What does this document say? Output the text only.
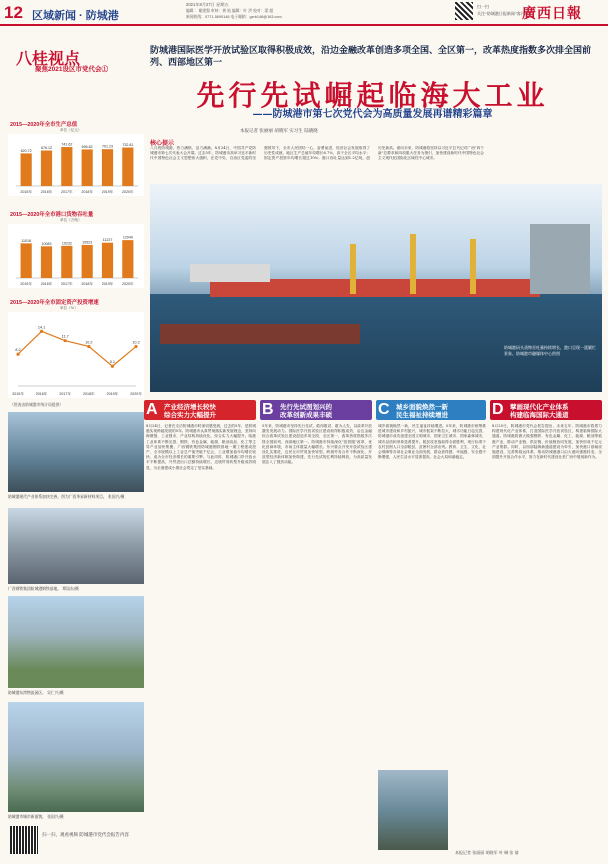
12 区域新闻 · 防城港
2021年8月27日 星期五
编辑 ：谢建强 审核：黄 灿 编辑：叶 洪 校对：梁 超
新闻热线：0771-5690148 电子邮箱：gxrb148@163.com
扫一扫
关注"防城港日报新闻"客户端
廣西日報
八桂视点
聚焦2021设区市党代会①
2015—2020年全市生产总值
单位（亿元）
620.72
2015年
676.12
2016年
741.62
2017年
696.82
2018年
701.23
2019年
732.81
2020年
2015—2020年全市港口货物吞吐量
单位（万吨）
11018
2015年
10083
2016年
10232
2017年
10523
2018年
11227
2019年
12049
2020年
2015—2020年全市固定资产投资增速
单位（%）
8.2
2015年
14.1
2016年
11.7
2017年
10.2
2018年
5.1
2019年
10.2
2020年
（图表由防城港市统计局提供）
防城港现代产业体系加快完善。图为广西华昇新材料项目。 张国兴/摄
广西钢铁集团防城港钢铁基地。 覃国东/摄
防城港东湾物流园区。 吴仁兴/摄
防城港市城市新面貌。 张国兴/摄
扫一扫，观看视频 防城港市党代会报告内容
防城港国际医学开放试验区取得积极成效，沿边金融改革创造多项全国、全区第一，改革热度指数多次排全国前列、西部地区第一
先行先试崛起临海大工业
——防城港市第七次党代会为高质量发展再谱精彩篇章
本报记者 张丽丽 胡晓军 实习生 陆晓晓
核心提示
八月的防城港，热力满格，活力满满。8月24日，中国共产党防城港市第七次代表大会开幕。过去5年，防城港市高举习近平新时代中国特色社会主义思想伟大旗帜，在党中央、自治区党委的坚强领导下，全市人民团结一心，奋勇前进，经济社会发展取得了历史性成就，地区生产总值年均增长6.7%，高于全区平均水平；固定资产投资年均增长超过10%；港口吞吐量达到1.2亿吨，创历史新高。面向未来，防城港将坚持以习近平总书记对广西"四个新"总要求和四项重大任务为指引，加快建设新时代中国特色社会主义现代化国际化区域性中心城市。
防城港码头货物吞吐量持续增长，港口呈现一派繁忙景象。防城港市融媒体中心供图
A 产业经济增长较快
综合实力大幅提升	B 先行先试图划兴的
改革创新成果丰硕	C 城乡面貌焕然一新
民生福祉持续增进	D 擘画现代化产业体系
构建临海国际大通道
8月24日，记者在走访防城港市时深切感受到，过去的5年，是防城港实现跨越发展的5年。防城港市认真贯彻落实新发展理念，坚持向海图强、工业强市，产业结构持续优化，综合实力大幅提升。临港工业体系不断完善，钢铁、有色金属、能源、粮油食品、化工等主导产业加快集聚，广西钢铁集团防城港钢铁基地一期工程建成投产，全市规模以上工业总产值突破千亿元，工业增加值年均增长较快，成为全市经济增长的重要引擎。与此同时，防城港口岸开放水平不断提高，外贸进出口总额持续增长，边境贸易转型升级成效明显，为全面建成小康社会奠定了坚实基础。
5年来，防城港市坚持先行先试，敢闯敢试、敢为人先，以改革开放激发发展动力。国际医学开放试验区建设取得积极成效，沿边金融综合改革试验区建设创造多项全国、全区第一，改革热度指数多次排全国前列、西部地区第一。防城港市持续深化"放管服"改革，优化营商环境，市场主体数量大幅增长。东兴重点开发开放试验区建设扎实推进，边民互市贸易加快转型，跨境劳务合作不断深化，开放型经济新体制加快构建，先行先试的红利持续释放，为高质量发展注入了强劲动能。
城乡面貌焕然一新，民生福祉持续增进。5年来，防城港市统筹推进城市建设和乡村振兴，城市框架不断拉大，城市功能日趋完善，防城港市成功创建全国文明城市、国家卫生城市、国家森林城市，城市品质和形象显著提升。脱贫攻坚战取得全面胜利，现行标准下农村贫困人口全部脱贫，贫困村全部出列。教育、卫生、文化、社会保障等各项社会事业全面发展，群众获得感、幸福感、安全感不断增强，人民生活水平显著提高，社会大局和谐稳定。
8月25日，防城港市党代会报告提出，未来五年，防城港市将着力构建现代化产业体系，打造国际医学开放试验区，构建临海国际大通道。防城港将做大做强钢铁、有色金属、化工、能源、粮油等临港产业，推动产业链、供应链、价值链协同发展，加快形成千亿元产业集群。同时，以西部陆海新通道建设为牵引，加快港口基础设施建设，完善集疏运体系，推动防城港港口由大港向强港转变，全面提升开放合作水平，努力在新时代建设壮美广西中展现新作为。
本报记者 张丽丽 胡晓军 叶 琳 张 倩
